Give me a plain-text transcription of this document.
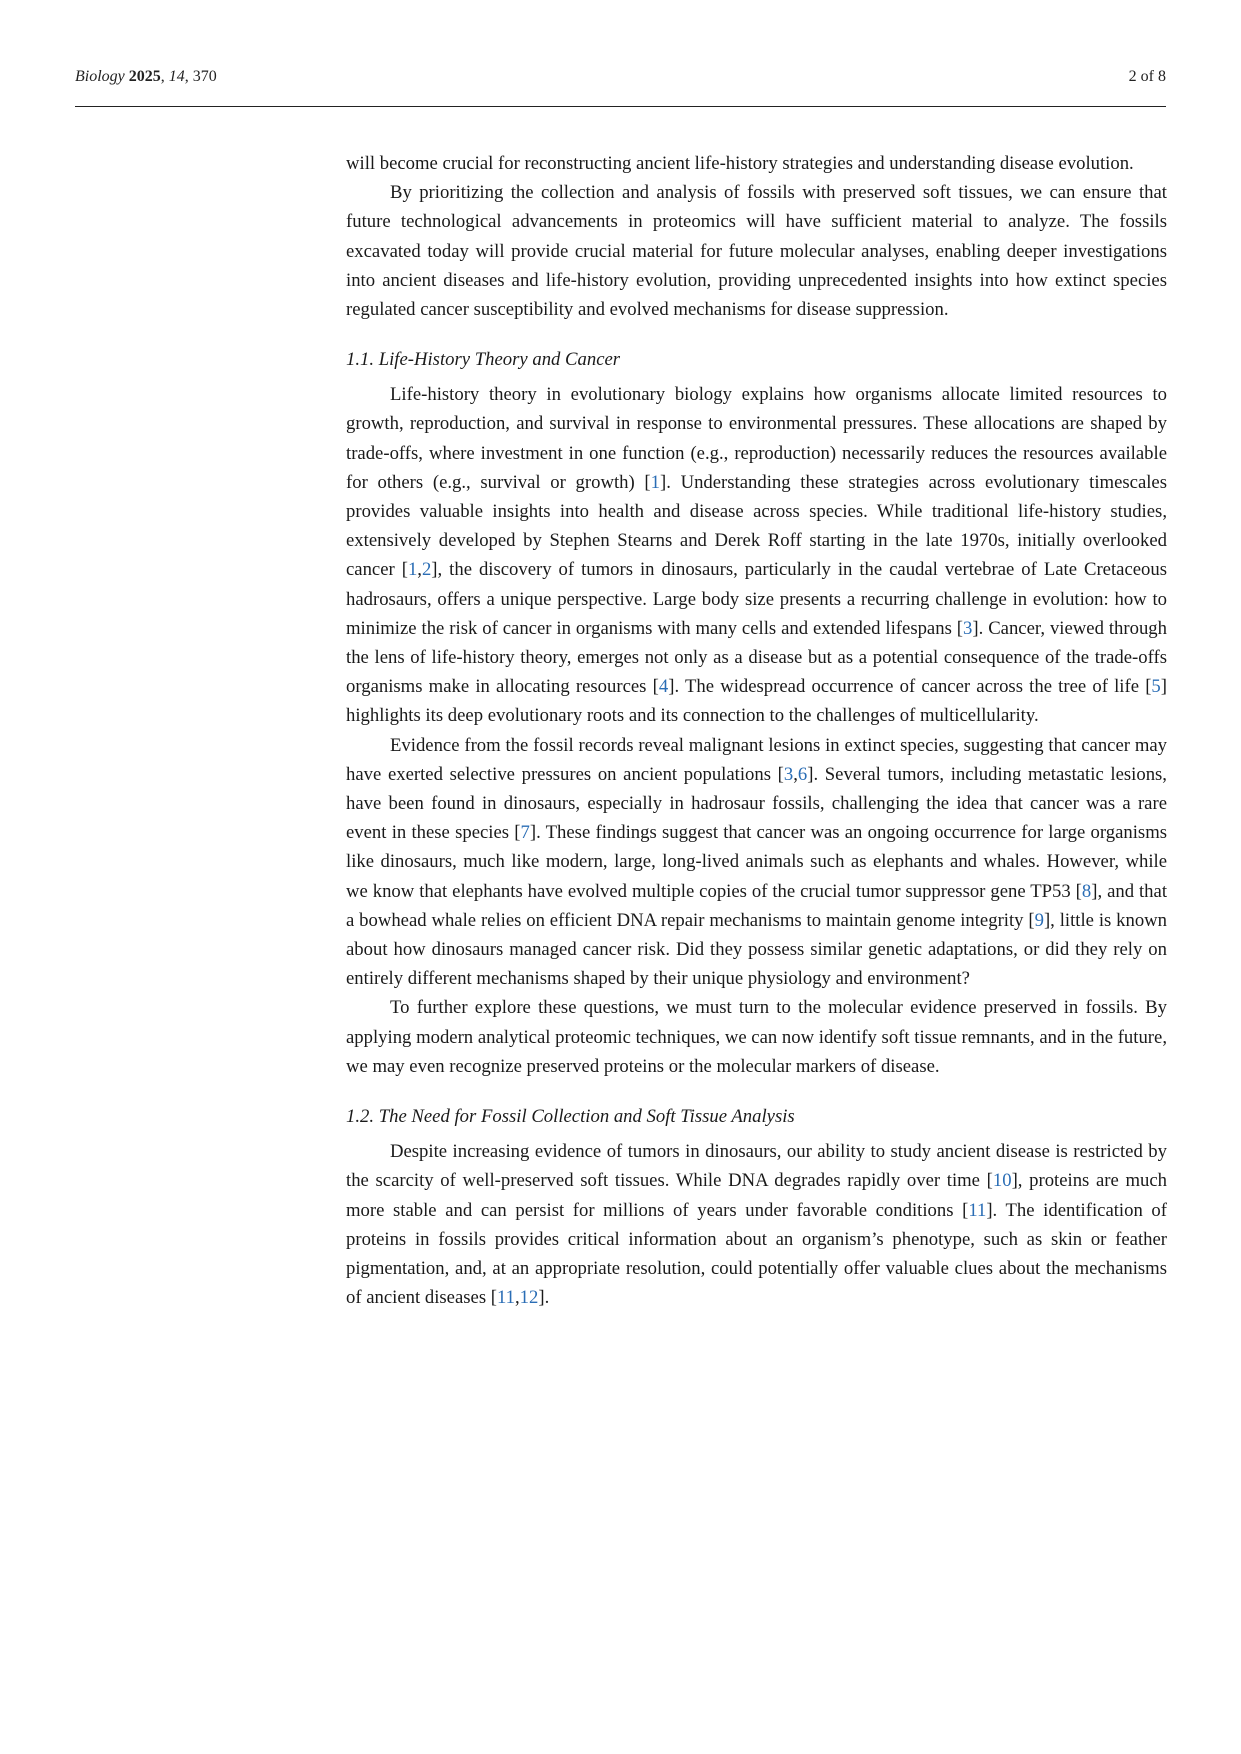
Biology 2025, 14, 370	2 of 8

will become crucial for reconstructing ancient life-history strategies and understanding disease evolution.

By prioritizing the collection and analysis of fossils with preserved soft tissues, we can ensure that future technological advancements in proteomics will have sufficient material to analyze. The fossils excavated today will provide crucial material for future molecular analyses, enabling deeper investigations into ancient diseases and life-history evolution, providing unprecedented insights into how extinct species regulated cancer susceptibility and evolved mechanisms for disease suppression.

1.1. Life-History Theory and Cancer

Life-history theory in evolutionary biology explains how organisms allocate limited resources to growth, reproduction, and survival in response to environmental pressures. These allocations are shaped by trade-offs, where investment in one function (e.g., reproduction) necessarily reduces the resources available for others (e.g., survival or growth) [1]. Understanding these strategies across evolutionary timescales provides valuable insights into health and disease across species. While traditional life-history studies, extensively developed by Stephen Stearns and Derek Roff starting in the late 1970s, initially overlooked cancer [1,2], the discovery of tumors in dinosaurs, particularly in the caudal vertebrae of Late Cretaceous hadrosaurs, offers a unique perspective. Large body size presents a recurring challenge in evolution: how to minimize the risk of cancer in organisms with many cells and extended lifespans [3]. Cancer, viewed through the lens of life-history theory, emerges not only as a disease but as a potential consequence of the trade-offs organisms make in allocating resources [4]. The widespread occurrence of cancer across the tree of life [5] highlights its deep evolutionary roots and its connection to the challenges of multicellularity.

Evidence from the fossil records reveal malignant lesions in extinct species, suggesting that cancer may have exerted selective pressures on ancient populations [3,6]. Several tumors, including metastatic lesions, have been found in dinosaurs, especially in hadrosaur fossils, challenging the idea that cancer was a rare event in these species [7]. These findings suggest that cancer was an ongoing occurrence for large organisms like dinosaurs, much like modern, large, long-lived animals such as elephants and whales. However, while we know that elephants have evolved multiple copies of the crucial tumor suppressor gene TP53 [8], and that a bowhead whale relies on efficient DNA repair mechanisms to maintain genome integrity [9], little is known about how dinosaurs managed cancer risk. Did they possess similar genetic adaptations, or did they rely on entirely different mechanisms shaped by their unique physiology and environment?

To further explore these questions, we must turn to the molecular evidence preserved in fossils. By applying modern analytical proteomic techniques, we can now identify soft tissue remnants, and in the future, we may even recognize preserved proteins or the molecular markers of disease.

1.2. The Need for Fossil Collection and Soft Tissue Analysis

Despite increasing evidence of tumors in dinosaurs, our ability to study ancient disease is restricted by the scarcity of well-preserved soft tissues. While DNA degrades rapidly over time [10], proteins are much more stable and can persist for millions of years under favorable conditions [11]. The identification of proteins in fossils provides critical information about an organism’s phenotype, such as skin or feather pigmentation, and, at an appropriate resolution, could potentially offer valuable clues about the mechanisms of ancient diseases [11,12].
